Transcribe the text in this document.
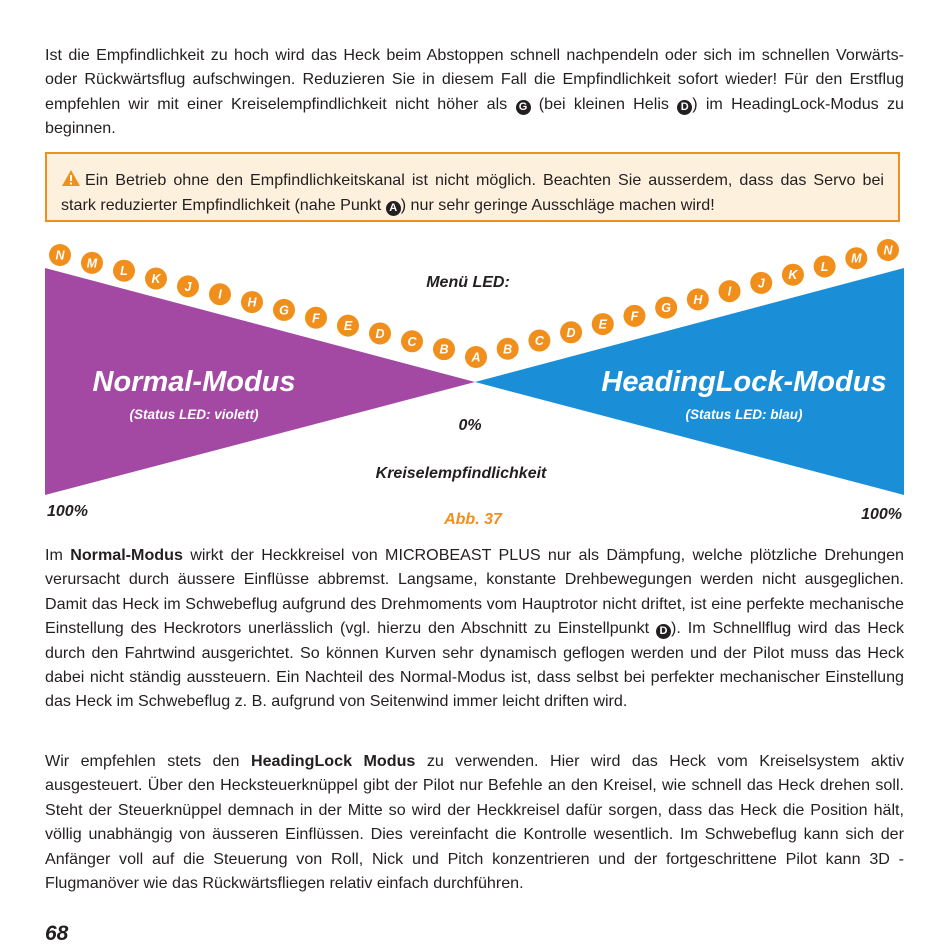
Ist die Empfindlichkeit zu hoch wird das Heck beim Abstoppen schnell nachpendeln oder sich im schnellen Vorwärts- oder Rückwärtsflug aufschwingen. Reduzieren Sie in diesem Fall die Empfindlichkeit sofort wieder! Für den Erstflug empfehlen wir mit einer Kreiselempfindlichkeit nicht höher als G (bei kleinen Helis D ) im HeadingLock-Modus zu beginnen.

Ein Betrieb ohne den Empfindlichkeitskanal ist nicht möglich. Beachten Sie ausserdem, dass das Servo bei stark reduzierter Empfindlichkeit (nahe Punkt A ) nur sehr geringe Ausschläge machen wird!

N
M
L
K
J
I
H
G
F
E
D
C
B
A
B
C
D
E
F
G
H
I
J
K
L
M
N
Menü LED:
Normal-Modus
(Status LED: violett)
HeadingLock-Modus
(Status LED: blau)
0%
Kreiselempfindlichkeit
100%	100%
Abb. 37

Im Normal-Modus wirkt der Heckkreisel von MICROBEAST PLUS nur als Dämpfung, welche plötzliche Drehungen verursacht durch äussere Einflüsse abbremst. Langsame, konstante Drehbewegungen werden nicht ausgeglichen. Damit das Heck im Schwebeflug aufgrund des Drehmoments vom Hauptrotor nicht driftet, ist eine perfekte mechanische Einstellung des Heckrotors unerlässlich (vgl. hierzu den Abschnitt zu Einstellpunkt D ). Im Schnellflug wird das Heck durch den Fahrtwind ausgerichtet. So können Kurven sehr dynamisch geflogen werden und der Pilot muss das Heck dabei nicht ständig aussteuern. Ein Nachteil des Normal-Modus ist, dass selbst bei perfekter mechanischer Einstellung das Heck im Schwebeflug z. B. aufgrund von Seitenwind immer leicht driften wird.

Wir empfehlen stets den HeadingLock Modus zu verwenden. Hier wird das Heck vom Kreiselsystem aktiv ausgesteuert. Über den Hecksteuerknüppel gibt der Pilot nur Befehle an den Kreisel, wie schnell das Heck drehen soll. Steht der Steuerknüppel demnach in der Mitte so wird der Heckkreisel dafür sorgen, dass das Heck die Position hält, völlig unabhängig von äusseren Einflüssen. Dies vereinfacht die Kontrolle wesentlich. Im Schwebeflug kann sich der Anfänger voll auf die Steuerung von Roll, Nick und Pitch konzentrieren und der fortgeschrittene Pilot kann 3D - Flugmanöver wie das Rückwärtsfliegen relativ einfach durchführen.

68
